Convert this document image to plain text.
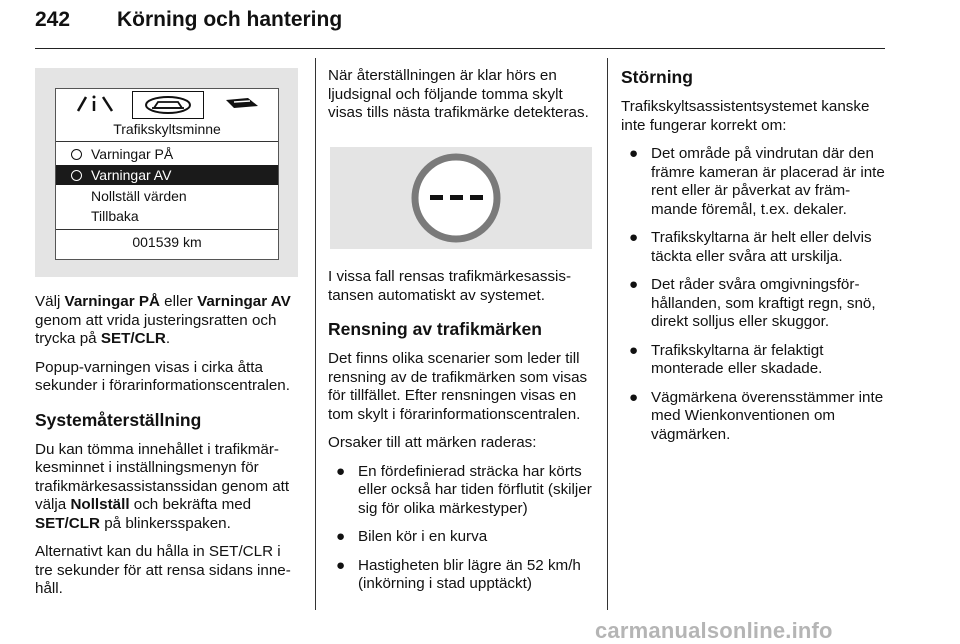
242 Körning och hantering
Trafikskyltsminne
Varningar PÅ
Varningar AV
Nollställ värden
Tillbaka
001539 km

Välj Varningar PÅ eller Varningar AV genom att vrida justeringsratten och trycka på SET/CLR.

Popup-varningen visas i cirka åtta sekunder i förarinformationscentralen.

Systemåterställning

Du kan tömma innehållet i trafikmärkesminnet i inställningsmenyn för trafikmärkesassistanssidan genom att välja Nollställ och bekräfta med SET/CLR på blinkersspaken.

Alternativt kan du hålla in SET/CLR i tre sekunder för att rensa sidans innehåll.

När återställningen är klar hörs en ljudsignal och följande tomma skylt visas tills nästa trafikmärke detekteras.

I vissa fall rensas trafikmärkesassistansen automatiskt av systemet.

Rensning av trafikmärken

Det finns olika scenarier som leder till rensning av de trafikmärken som visas för tillfället. Efter rensningen visas en tom skylt i förarinformationscentralen.

Orsaker till att märken raderas:

● En fördefinierad sträcka har körts eller också har tiden förflutit (skiljer sig för olika märkestyper)
● Bilen kör i en kurva
● Hastigheten blir lägre än 52 km/h (inkörning i stad upptäckt)
Störning

Trafikskyltsassistentsystemet kanske inte fungerar korrekt om:

● Det område på vindrutan där den främre kameran är placerad är inte rent eller är påverkat av främmande föremål, t.ex. dekaler.
● Trafikskyltarna är helt eller delvis täckta eller svåra att urskilja.
● Det råder svåra omgivningsförhållanden, som kraftigt regn, snö, direkt solljus eller skuggor.
● Trafikskyltarna är felaktigt monterade eller skadade.
● Vägmärkena överensstämmer inte med Wienkonventionen om vägmärken.
carmanualsonline.info
